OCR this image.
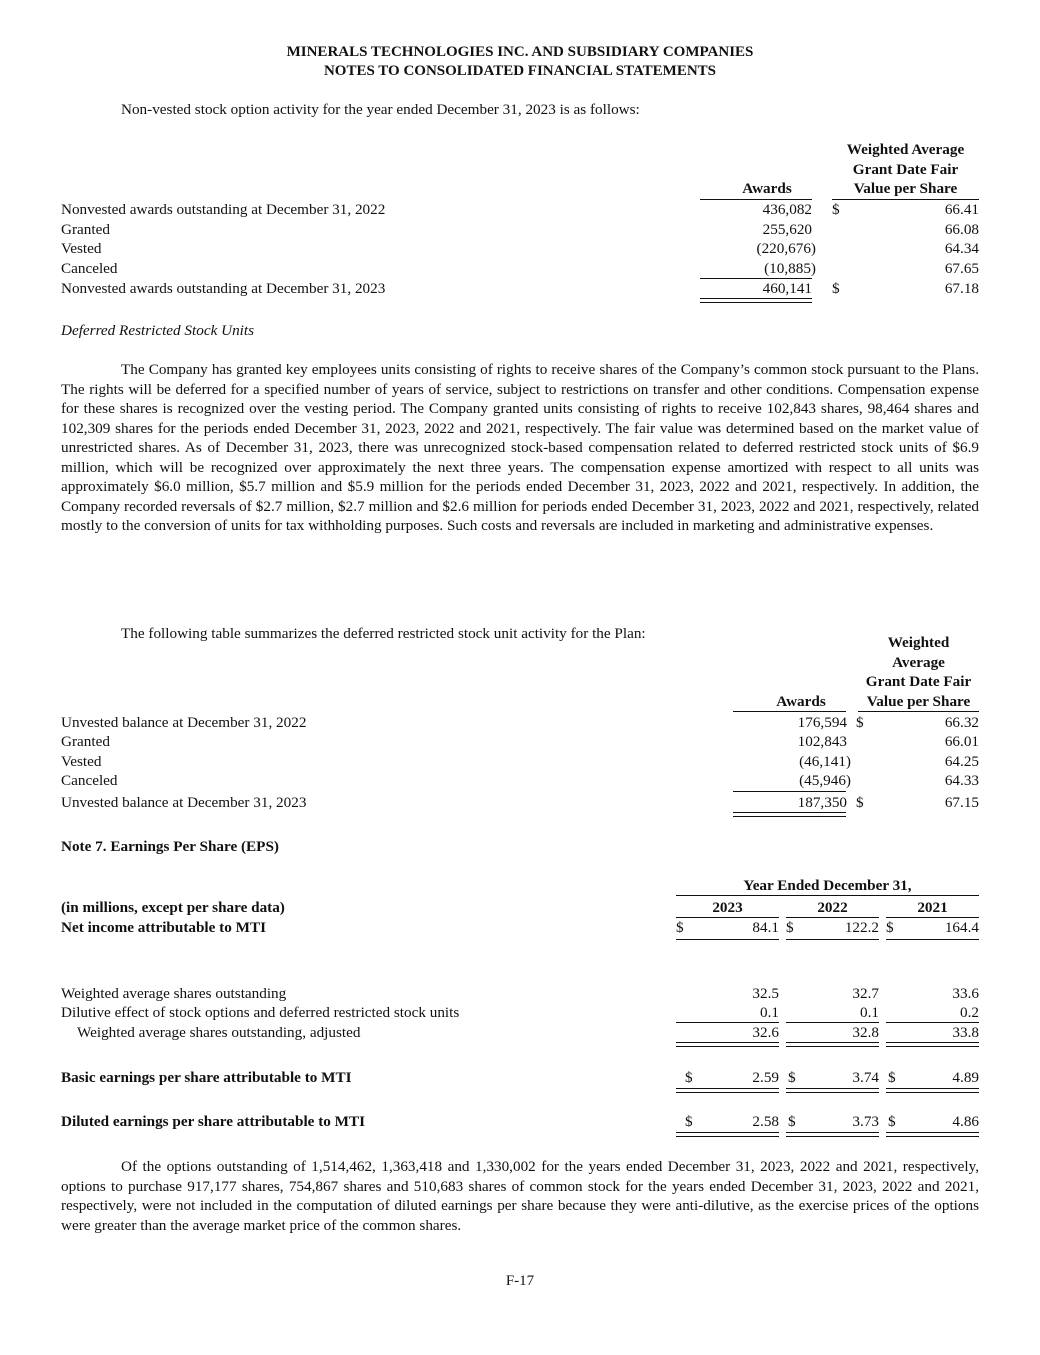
MINERALS TECHNOLOGIES INC. AND SUBSIDIARY COMPANIES
NOTES TO CONSOLIDATED FINANCIAL STATEMENTS
Non-vested stock option activity for the year ended December 31, 2023 is as follows:
Awards
Weighted Average
Grant Date Fair
Value per Share
Nonvested awards outstanding at December 31, 2022	436,082 $	66.41
Granted	255,620	66.08
Vested	(220,676)	64.34
Canceled	(10,885)	67.65
Nonvested awards outstanding at December 31, 2023	460,141 $	67.18
Deferred Restricted Stock Units
The Company has granted key employees units consisting of rights to receive shares of the Company’s common stock pursuant to the Plans. The rights will be deferred for a specified number of years of service, subject to restrictions on transfer and other conditions. Compensation expense for these shares is recognized over the vesting period. The Company granted units consisting of rights to receive 102,843 shares, 98,464 shares and 102,309 shares for the periods ended December 31, 2023, 2022 and 2021, respectively. The fair value was determined based on the market value of unrestricted shares. As of December 31, 2023, there was unrecognized stock-based compensation related to deferred restricted stock units of $6.9 million, which will be recognized over approximately the next three years. The compensation expense amortized with respect to all units was approximately $6.0 million, $5.7 million and $5.9 million for the periods ended December 31, 2023, 2022 and 2021, respectively. In addition, the Company recorded reversals of $2.7 million, $2.7 million and $2.6 million for periods ended December 31, 2023, 2022 and 2021, respectively, related mostly to the conversion of units for tax withholding purposes. Such costs and reversals are included in marketing and administrative expenses.
The following table summarizes the deferred restricted stock unit activity for the Plan:
Weighted
Average
Grant Date Fair
Value per Share
Awards
Unvested balance at December 31, 2022	176,594 $	66.32
Granted	102,843	66.01
Vested	(46,141)	64.25
Canceled	(45,946)	64.33
Unvested balance at December 31, 2023	187,350 $	67.15
Note 7. Earnings Per Share (EPS)
Year Ended December 31,
(in millions, except per share data)	2023	2022	2021
Net income attributable to MTI	$	84.1 $	122.2 $	164.4
Weighted average shares outstanding	32.5	32.7	33.6
Dilutive effect of stock options and deferred restricted stock units	0.1	0.1	0.2
Weighted average shares outstanding, adjusted	32.6	32.8	33.8
Basic earnings per share attributable to MTI	$	2.59 $	3.74 $	4.89
Diluted earnings per share attributable to MTI	$	2.58 $	3.73 $	4.86
Of the options outstanding of 1,514,462, 1,363,418 and 1,330,002 for the years ended December 31, 2023, 2022 and 2021, respectively, options to purchase 917,177 shares, 754,867 shares and 510,683 shares of common stock for the years ended December 31, 2023, 2022 and 2021, respectively, were not included in the computation of diluted earnings per share because they were anti-dilutive, as the exercise prices of the options were greater than the average market price of the common shares.
F-17
